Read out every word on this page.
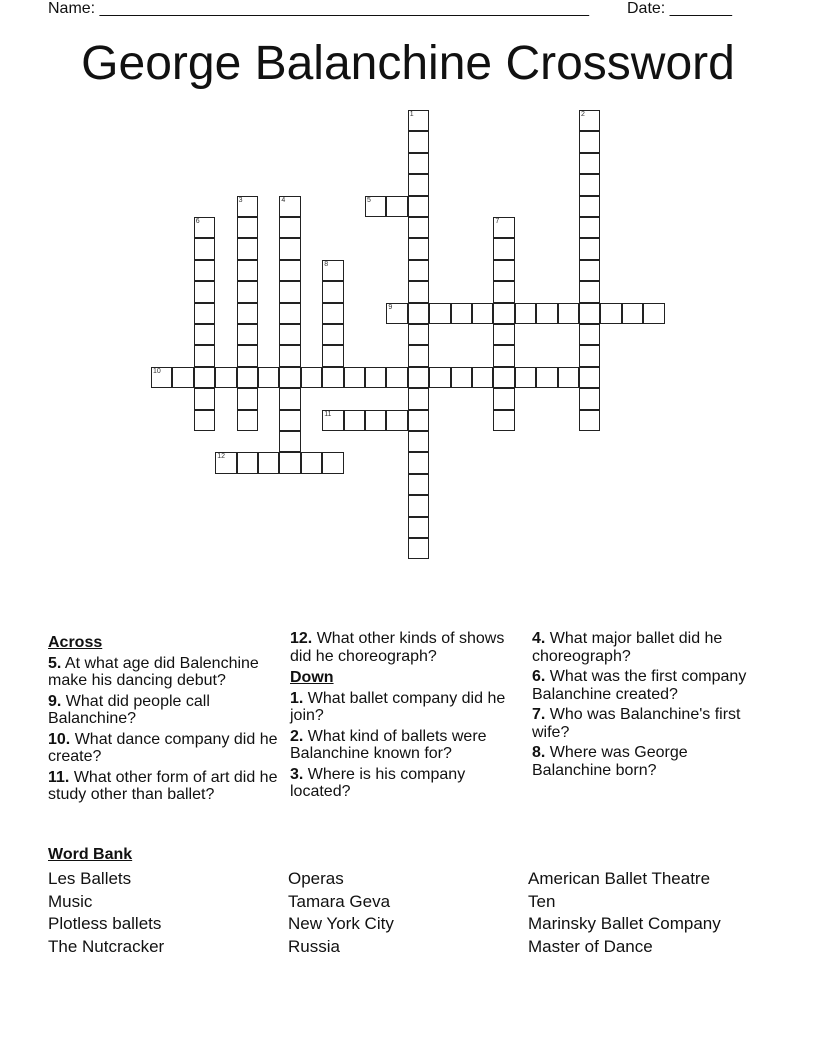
Name: _______________________________________________________ Date: _______
George Balanchine Crossword
1	2
3	4	5
6	7
8
9
10
11
12
Across
5. At what age did Balenchine make his dancing debut?
9. What did people call Balanchine?
10. What dance company did he create?
11. What other form of art did he study other than ballet?
12. What other kinds of shows did he choreograph?
Down
1. What ballet company did he join?
2. What kind of ballets were Balanchine known for?
3. Where is his company located?
4. What major ballet did he choreograph?
6. What was the first company Balanchine created?
7. Who was Balanchine's first wife?
8. Where was George Balanchine born?
Word Bank
Les Ballets
Music
Plotless ballets
The Nutcracker
Operas
Tamara Geva
New York City
Russia
American Ballet Theatre
Ten
Marinsky Ballet Company
Master of Dance
